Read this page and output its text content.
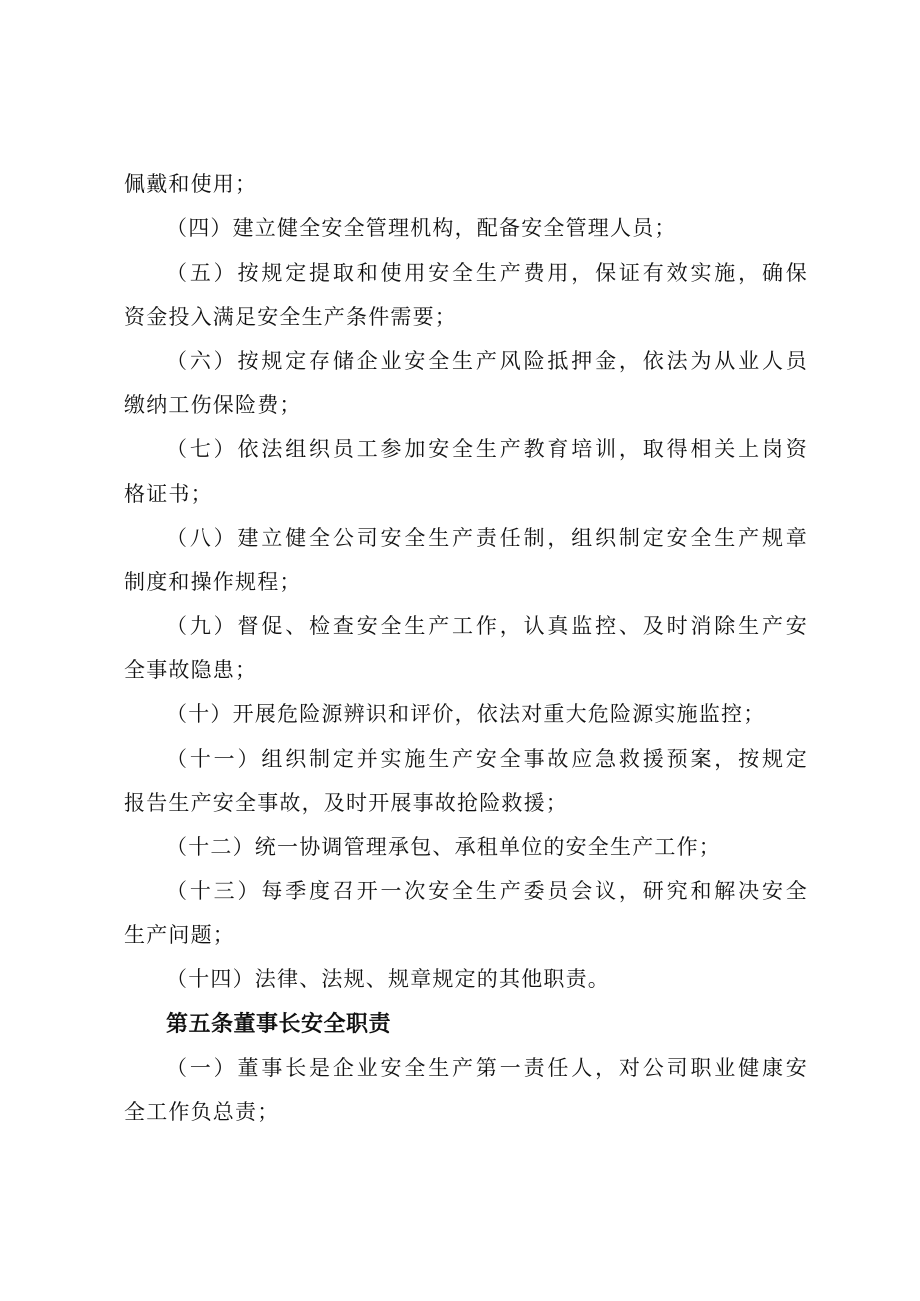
佩戴和使用；
（四）建立健全安全管理机构，配备安全管理人员；
（五）按规定提取和使用安全生产费用，保证有效实施，确保
资金投入满足安全生产条件需要；
（六）按规定存储企业安全生产风险抵押金，依法为从业人员
缴纳工伤保险费；
（七）依法组织员工参加安全生产教育培训，取得相关上岗资
格证书；
（八）建立健全公司安全生产责任制，组织制定安全生产规章
制度和操作规程；
（九）督促、检查安全生产工作，认真监控、及时消除生产安
全事故隐患；
（十）开展危险源辨识和评价，依法对重大危险源实施监控；
（十一）组织制定并实施生产安全事故应急救援预案，按规定
报告生产安全事故，及时开展事故抢险救援；
（十二）统一协调管理承包、承租单位的安全生产工作；
（十三）每季度召开一次安全生产委员会议，研究和解决安全
生产问题；
（十四）法律、法规、规章规定的其他职责。
第五条董事长安全职责
（一）董事长是企业安全生产第一责任人，对公司职业健康安
全工作负总责；
